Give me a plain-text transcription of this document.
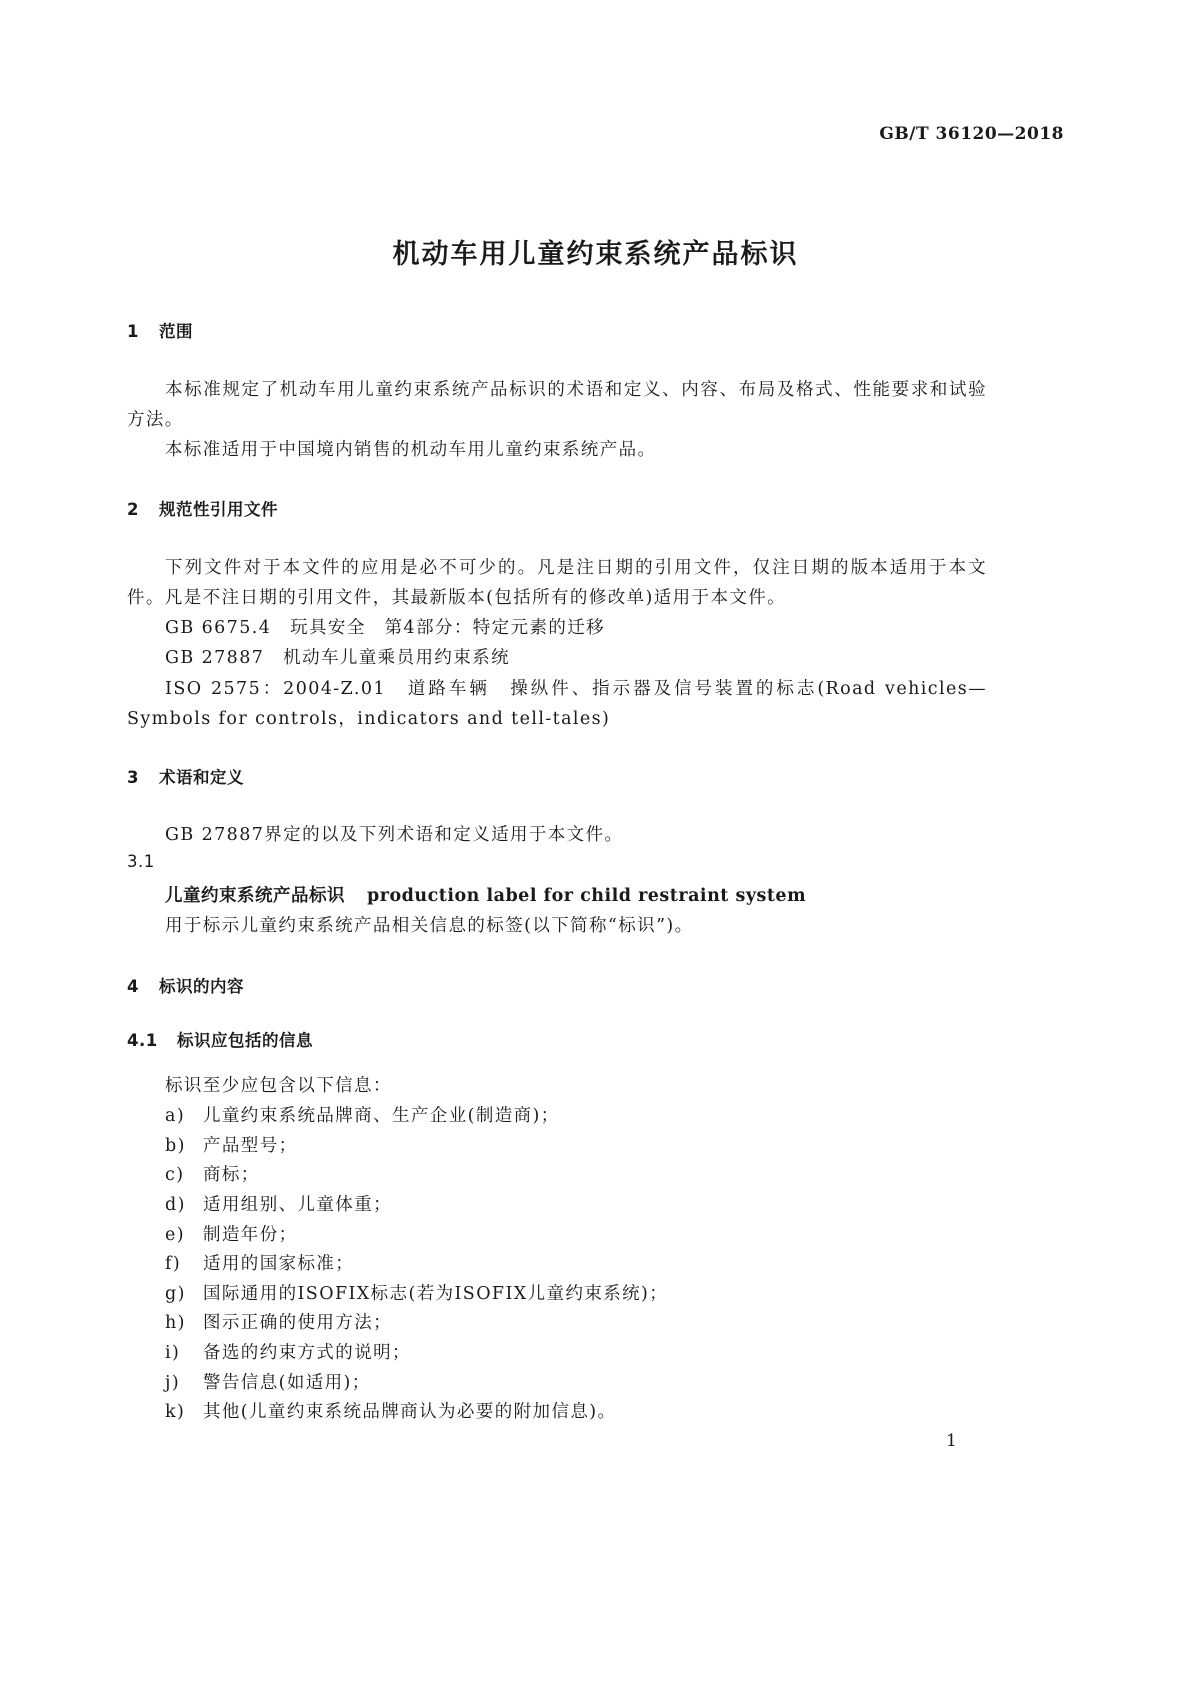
GB/T 36120—2018
机动车用儿童约束系统产品标识
1 范围
本标准规定了机动车用儿童约束系统产品标识的术语和定义、内容、布局及格式、性能要求和试验方法。
本标准适用于中国境内销售的机动车用儿童约束系统产品。
2 规范性引用文件
下列文件对于本文件的应用是必不可少的。凡是注日期的引用文件，仅注日期的版本适用于本文件。凡是不注日期的引用文件，其最新版本(包括所有的修改单)适用于本文件。
GB 6675.4　玩具安全　第4部分：特定元素的迁移
GB 27887　机动车儿童乘员用约束系统
ISO 2575：2004-Z.01　道路车辆　操纵件、指示器及信号装置的标志(Road vehicles—Symbols for controls，indicators and tell-tales)
3 术语和定义
GB 27887界定的以及下列术语和定义适用于本文件。
3.1
儿童约束系统产品标识 production label for child restraint system
用于标示儿童约束系统产品相关信息的标签(以下简称“标识”)。
4 标识的内容
4.1 标识应包括的信息
标识至少应包含以下信息：
a) 儿童约束系统品牌商、生产企业(制造商)；
b) 产品型号；
c) 商标；
d) 适用组别、儿童体重；
e) 制造年份；
f) 适用的国家标准；
g) 国际通用的ISOFIX标志(若为ISOFIX儿童约束系统)；
h) 图示正确的使用方法；
i) 备选的约束方式的说明；
j) 警告信息(如适用)；
k) 其他(儿童约束系统品牌商认为必要的附加信息)。
1
